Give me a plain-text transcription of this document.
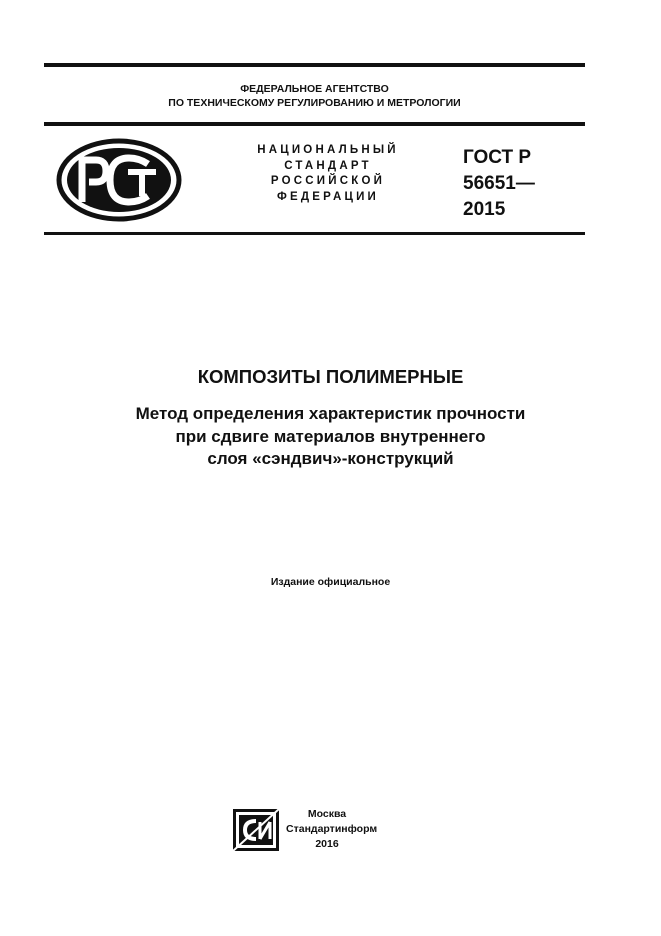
ФЕДЕРАЛЬНОЕ АГЕНТСТВО
ПО ТЕХНИЧЕСКОМУ РЕГУЛИРОВАНИЮ И МЕТРОЛОГИИ
НАЦИОНАЛЬНЫЙ
СТАНДАРТ
РОССИЙСКОЙ
ФЕДЕРАЦИИ
ГОСТ Р
56651—
2015
КОМПОЗИТЫ ПОЛИМЕРНЫЕ
Метод определения характеристик прочности
при сдвиге материалов внутреннего
слоя «сэндвич»-конструкций
Издание официальное
Москва
Стандартинформ
2016
